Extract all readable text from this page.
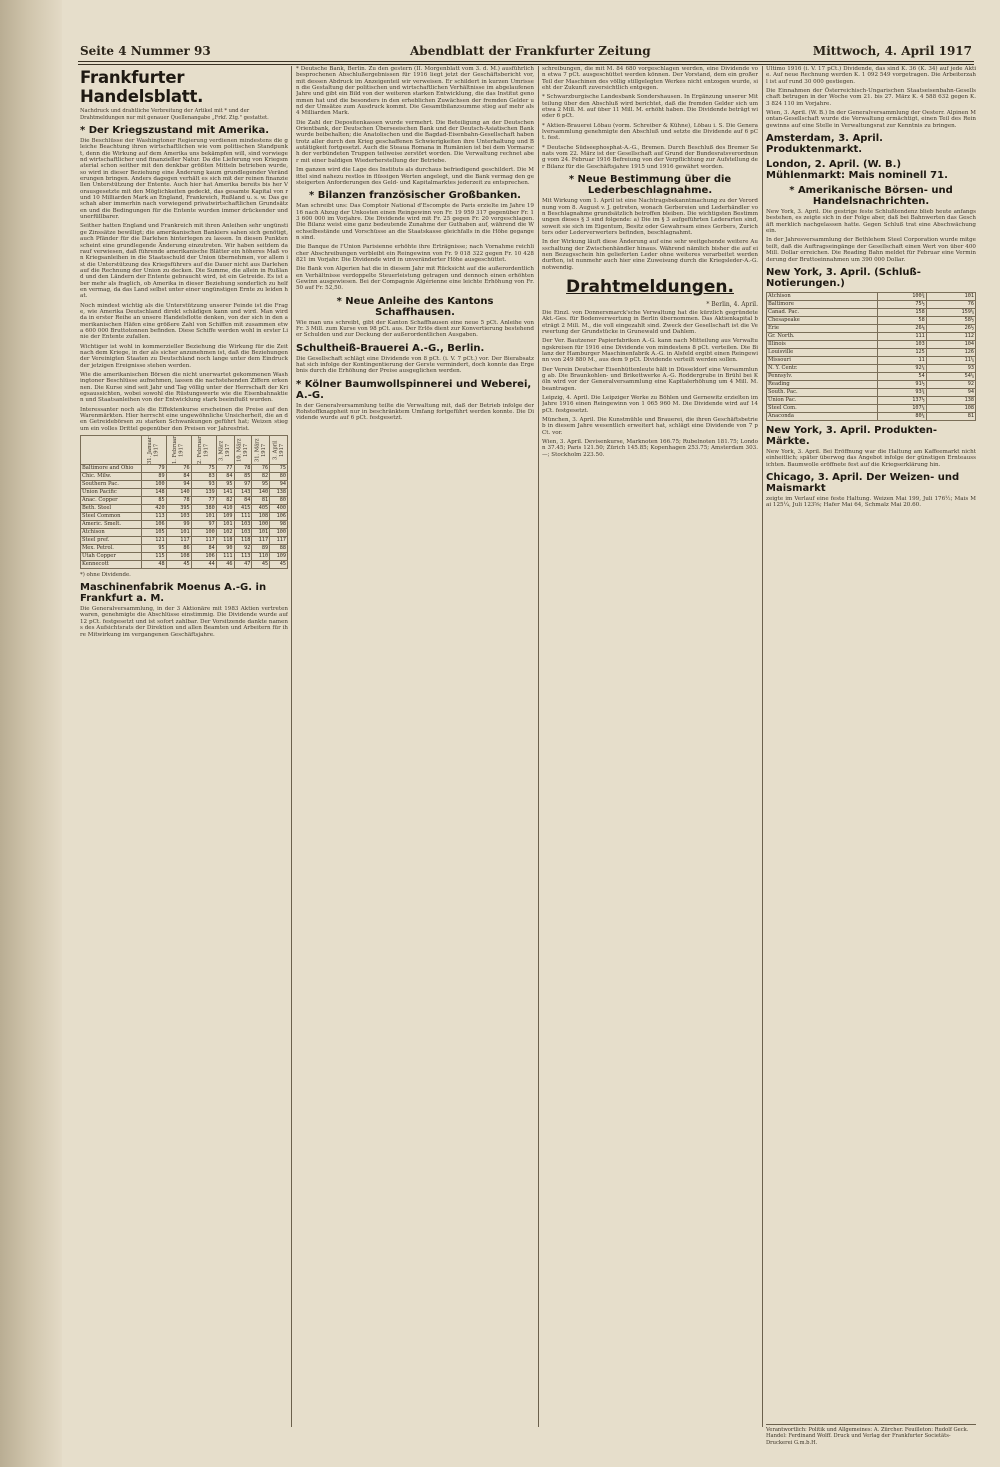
Seite 4 Nummer 93	Abendblatt der Frankfurter Zeitung	Mittwoch, 4. April 1917
Frankfurter Handelsblatt.
Nachdruck und drahtliche Verbreitung der Artikel mit * und der Drahtmeldungen nur mit genauer Quellenangabe „Frkf. Ztg." gestattet.
* Der Kriegszustand mit Amerika.

Die Beschlüsse der Washingtoner Regierung verdienen mindestens die gleiche Beachtung ihren wirtschaftlichen wie vom politischen Standpunkt, denn die Wirkung auf dem Amerika uns bekämpfen will, sind vorwiegend wirtschaftlicher und finanzieller Natur. Da die Lieferung von Kriegsmaterial schon seither mit den denkbar größten Mitteln betrieben wurde, so wird in dieser Beziehung eine Änderung kaum grundlegender Veränderungen bringen. Anders dagegen verhält es sich mit der reinen finanziellen Unterstützung der Entente. Auch hier hat Amerika bereits bis her Vorausgesetzte mit den Möglichkeiten gedeckt, das gesamte Kapital von rund 10 Milliarden Mark an England, Frankreich, Rußland u. s. w. Das geschah aber immerhin nach vorwiegend privatwirtschaftlichen Grundsätzen und die Bedingungen für die Entente wurden immer drückender und unerfüllbarer.

Seither hatten England und Frankreich mit ihren Anleihen sehr ungünstige Zinssätze bewilligt; die amerikanischen Bankiers sahen sich genötigt, auch Pfänder für die Darlehen hinterlegen zu lassen. In diesen Punkten scheint eine grundlegende Änderung einzutreten. Wir haben seitdem darauf verwiesen, daß führende amerikanische Blätter ein höheres Maß von Kriegsanleihen in die Staatsschuld der Union übernehmen, vor allem ist die Unterstützung des Kriegsführers auf die Dauer nicht aus Darlehen auf die Rechnung der Union zu decken. Die Summe, die allein in Rußland und den Ländern der Entente gebraucht wird, ist ein Getreide. Es ist aber mehr als fraglich, ob Amerika in dieser Beziehung sonderlich zu helfen vermag, da das Land selbst unter einer ungünstigen Ernte zu leiden hat.

Noch mindest wichtig als die Unterstützung unserer Feinde ist die Frage, wie Amerika Deutschland direkt schädigen kann und wird. Man wird da in erster Reihe an unsere Handelsflotte denken, von der sich in den amerikanischen Häfen eine größere Zahl von Schiffen mit zusammen etwa 600 000 Bruttotonnen befinden. Diese Schiffe werden wohl in erster Linie der Entente zufallen.

Wichtiger ist wohl in kommerzieller Beziehung die Wirkung für die Zeit nach dem Kriege, in der als sicher anzunehmen ist, daß die Beziehungen der Vereinigten Staaten zu Deutschland noch lange unter dem Eindruck der jetzigen Ereignisse stehen werden.

Wie die amerikanischen Börsen die nicht unerwartet gekommenen Washingtoner Beschlüsse aufnehmen, lassen die nachstehenden Ziffern erkennen. Die Kurse sind seit Jahr und Tag völlig unter der Herrschaft der Kriegsaussichten, wobei sowohl die Rüstungswerte wie die Eisenbahnaktien und Staatsanleihen von der Entwicklung stark beeinflußt wurden.

Interessanter noch als die Effektenkurse erscheinen die Preise auf den Warenmärkten. Hier herrscht eine ungewöhnliche Unsicherheit, die an den Getreidebörsen zu starken Schwankungen geführt hat; Weizen stieg um ein volles Drittel gegenüber den Preisen vor Jahresfrist.

	31. Januar 1917	1. Februar 1917	2. Februar 1917	3. März 1917	10. März 1917	31. März 1917	3. April 1917
Baltimore and Ohio	79	76	75	77	78	76	75
Chic. Milw.	89	84	83	84	85	82	80
Southern Pac.	100	94	93	95	97	95	94
Union Pacific	148	140	139	141	143	140	138
Anac. Copper	85	78	77	82	84	81	80
Beth. Steel	420	395	380	410	415	405	400
Steel Common	113	103	101	109	111	108	106
Americ. Smelt.	106	99	97	101	103	100	98
Atchison	105	101	100	102	103	101	100
Steel pref.	121	117	117	118	118	117	117
Mex. Petrol.	95	86	84	90	92	89	88
Utah Copper	115	108	106	111	113	110	109
Kennecott	48	45	44	46	47	45	45
*) ohne Dividende.
Maschinenfabrik Moenus A.-G. in Frankfurt a. M.

Die Generalversammlung, in der 3 Aktionäre mit 1983 Aktien vertreten waren, genehmigte die Abschlüsse einstimmig. Die Dividende wurde auf 12 pCt. festgesetzt und ist sofort zahlbar. Der Vorsitzende dankte namens des Aufsichtsrats der Direktion und allen Beamten und Arbeitern für ihre Mitwirkung im vergangenen Geschäftsjahre.

* Deutsche Bank, Berlin. Zu den gestern (II. Morgenblatt vom 3. d. M.) ausführlich besprochenen Abschlußergebnissen für 1916 liegt jetzt der Geschäftsbericht vor, mit dessen Abdruck im Anzeigenteil wir verweisen. Er schildert in kurzen Umrissen die Gestaltung der politischen und wirtschaftlichen Verhältnisse im abgelaufenen Jahre und gibt ein Bild von der weiteren starken Entwicklung, die das Institut genommen hat und die besonders in den erheblichen Zuwächsen der fremden Gelder und der Umsätze zum Ausdruck kommt. Die Gesamtbilanzsumme stieg auf mehr als 4 Milliarden Mark.

Die Zahl der Depositenkassen wurde vermehrt. Die Beteiligung an der Deutschen Orientbank, der Deutschen Überseeischen Bank und der Deutsch-Asiatischen Bank wurde beibehalten; die Anatolischen und die Bagdad-Eisenbahn-Gesellschaft haben trotz aller durch den Krieg geschaffenen Schwierigkeiten ihre Unterhaltung und Bautätigkeit fortgesetzt. Auch die Steaua Romana in Rumänien ist bei dem Vormarsch der verbündeten Truppen teilweise zerstört worden. Die Verwaltung rechnet aber mit einer baldigen Wiederherstellung der Betriebe.

Im ganzen wird die Lage des Instituts als durchaus befriedigend geschildert. Die Mittel sind nahezu restlos in flüssigen Werten angelegt, und die Bank vermag den gesteigerten Anforderungen des Geld- und Kapitalmarktes jederzeit zu entsprechen.

* Bilanzen französischer Großbanken.

Man schreibt uns: Das Comptoir National d'Escompte de Paris erzielte im Jahre 1916 nach Abzug der Unkosten einen Reingewinn von Fr. 19 959 317 gegenüber Fr. 13 600 000 im Vorjahre. Die Dividende wird mit Fr. 25 gegen Fr. 20 vorgeschlagen. Die Bilanz weist eine ganz bedeutende Zunahme der Guthaben auf, während die Wechselbestände und Vorschüsse an die Staatskasse gleichfalls in die Höhe gegangen sind.

Die Banque de l'Union Parisienne erhöhte ihre Erträgnisse; nach Vornahme reichlicher Abschreibungen verbleibt ein Reingewinn von Fr. 9 018 322 gegen Fr. 10 428 821 im Vorjahr. Die Dividende wird in unveränderter Höhe ausgeschüttet.

Die Bank von Algerien hat die in diesem Jahr mit Rücksicht auf die außerordentlichen Verhältnisse verdoppelte Steuerleistung getragen und dennoch einen erhöhten Gewinn ausgewiesen. Bei der Compagnie Algérienne eine leichte Erhöhung von Fr. 50 auf Fr. 52,50.

* Neue Anleihe des Kantons Schaffhausen.

Wie man uns schreibt, gibt der Kanton Schaffhausen eine neue 5 pCt. Anleihe von Fr. 3 Mill. zum Kurse von 98 pCt. aus. Der Erlös dient zur Konvertierung bestehender Schulden und zur Deckung der außerordentlichen Ausgaben.

Schultheiß-Brauerei A.-G., Berlin.

Die Gesellschaft schlägt eine Dividende von 8 pCt. (i. V. 7 pCt.) vor. Der Bierabsatz hat sich infolge der Kontingentierung der Gerste vermindert, doch konnte das Ergebnis durch die Erhöhung der Preise ausgeglichen werden.

* Kölner Baumwollspinnerei und Weberei, A.-G.

In der Generalversammlung teilte die Verwaltung mit, daß der Betrieb infolge der Rohstoffknappheit nur in beschränktem Umfang fortgeführt werden konnte. Die Dividende wurde auf 6 pCt. festgesetzt.

schreibungen, die mit M. 84 680 vorgeschlagen werden, eine Dividende von etwa 7 pCt. ausgeschüttet werden können. Der Vorstand, dem ein großer Teil der Maschinen des völlig stillgelegten Werkes nicht entzogen wurde, sieht der Zukunft zuversichtlich entgegen.

* Schwarzburgische Landesbank Sondershausen. In Ergänzung unserer Mitteilung über den Abschluß wird berichtet, daß die fremden Gelder sich um etwa 2 Mill. M. auf über 11 Mill. M. erhöht haben. Die Dividende beträgt wieder 6 pCt.

* Aktien-Brauerei Löbau (vorm. Schreiber & Kühne), Löbau i. S. Die Generalversammlung genehmigte den Abschluß und setzte die Dividende auf 6 pCt. fest.

* Deutsche Südseephosphat-A.-G., Bremen. Durch Beschluß des Bremer Senats vom 22. März ist der Gesellschaft auf Grund der Bundesratsverordnung vom 24. Februar 1916 Befreiung von der Verpflichtung zur Aufstellung der Bilanz für die Geschäftsjahre 1915 und 1916 gewährt worden.

* Neue Bestimmung über die Lederbeschlagnahme.

Mit Wirkung vom 1. April ist eine Nachtragsbekanntmachung zu der Verordnung vom 8. August v. J. getreten, wonach Gerbereien und Lederhändler von Beschlagnahme grundsätzlich betroffen bleiben. Die wichtigsten Bestimmungen dieses § 3 sind folgende: a) Die im § 3 aufgeführten Lederarten sind, soweit sie sich im Eigentum, Besitz oder Gewahrsam eines Gerbers, Zurichters oder Lederverwerters befinden, beschlagnahmt.

In der Wirkung läuft diese Änderung auf eine sehr weitgehende weitere Ausschaltung der Zwischenhändler hinaus. Während nämlich bisher die auf einen Bezugsschein hin gelieferten Leder ohne weiteres verarbeitet werden durften, ist nunmehr auch hier eine Zuweisung durch die Kriegsleder-A.-G. notwendig.

Drahtmeldungen.
* Berlin, 4. April.

Die Einzl. von Donnersmarck'sche Verwaltung hat die kürzlich gegründete Akt.-Ges. für Bodenverwertung in Berlin übernommen. Das Aktienkapital beträgt 2 Mill. M., die voll eingezahlt sind. Zweck der Gesellschaft ist die Verwertung der Grundstücke in Grunewald und Dahlem.

Der Ver. Bautzener Papierfabriken A.-G. kann nach Mitteilung aus Verwaltungskreisen für 1916 eine Dividende von mindestens 8 pCt. verteilen. Die Bilanz der Hamburger Maschinenfabrik A.-G. in Alsfeld ergibt einen Reingewinn von 249 880 M., aus dem 9 pCt. Dividende verteilt werden sollen.

Der Verein Deutscher Eisenhüttenleute hält in Düsseldorf eine Versammlung ab. Die Braunkohlen- und Brikettwerke A.-G. Roddergrube in Brühl bei Köln wird vor der Generalversammlung eine Kapitalerhöhung um 4 Mill. M. beantragen.

Leipzig, 4. April. Die Leipziger Werke zu Böhlen und Gernewitz erzielten im Jahre 1916 einen Reingewinn von 1 065 960 M. Die Dividende wird auf 14 pCt. festgesetzt.

München, 3. April. Die Kunstmühle und Brauerei, die ihren Geschäftsbetrieb in diesem Jahre wesentlich erweitert hat, schlägt eine Dividende von 7 pCt. vor.

Wien, 3. April. Devisenkurse, Marknoten 166.75; Rubelnoten 181.75; London 37.45; Paris 121.50; Zürich 145.85; Kopenhagen 253.75; Amsterdam 303.—; Stockholm 223.50.

Ultimo 1916 (i. V. 17 pCt.) Dividende, das sind K. 36 (K. 34) auf jede Aktie. Auf neue Rechnung werden K. 1 092 549 vorgetragen. Die Arbeiterzahl ist auf rund 30 000 gestiegen.

Die Einnahmen der Österreichisch-Ungarischen Staatseisenbahn-Gesellschaft betrugen in der Woche vom 21. bis 27. März K. 4 588 632 gegen K. 3 824 110 im Vorjahre.

Wien, 3. April. (W. B.) In der Generalversammlung der Oesterr. Alpinen Montan-Gesellschaft wurde die Verwaltung ermächtigt, einen Teil des Reingewinns auf eine Stelle in Verwaltungsrat zur Kenntnis zu bringen.

Amsterdam, 3. April. Produktenmarkt.
London, 2. April. (W. B.) Mühlenmarkt: Mais nominell 71.
* Amerikanische Börsen- und Handelsnachrichten.

New York, 3. April. Die gestrige feste Schlußtendenz blieb heute anfangs bestehen, es zeigte sich in der Folge aber, daß bei Bahnwerten das Geschäft merklich nachgelassen hatte. Gegen Schluß trat eine Abschwächung ein.

In der Jahresversammlung der Bethlehem Steel Corporation wurde mitgeteilt, daß die Auftragseingänge der Gesellschaft einen Wert von über 400 Mill. Dollar erreichen. Die Reading Bahn meldet für Februar eine Verminderung der Bruttoeinnahmen um 390 000 Dollar.

New York, 3. April. (Schluß-Notierungen.)
Atchison	100¾	101
Baltimore	75½	76
Canad. Pac.	158	159¼
Chesapeake	58	58½
Erie	26⅛	26½
Gr. North.	111	112
Illinois	103	104
Louisville	125	126
Missouri	11	11¼
N. Y. Centr.	92¼	93
Pennsylv.	54	54¼
Reading	91½	92
South. Pac.	93¾	94
Union Pac.	137½	138
Steel Com.	107¼	108
Anaconda	80¼	81
New York, 3. April. Produkten-Märkte.

New York, 3. April. Bei Eröffnung war die Haltung am Kaffeemarkt nicht einheitlich; später überwog das Angebot infolge der günstigen Ernteaussichten. Baumwolle eröffnete fest auf die Kriegserklärung hin.

Chicago, 3. April. Der Weizen- und Maismarkt

zeigte im Verlauf eine feste Haltung. Weizen Mai 199, Juli 176½; Mais Mai 125¼, Juli 123⅝; Hafer Mai 64, Schmalz Mai 20.60.

Verantwortlich: Politik und Allgemeines: A. Zürcher. Feuilleton: Rudolf Geck. Handel: Ferdinand Wolff. Druck und Verlag der Frankfurter Societäts-Druckerei G.m.b.H.
